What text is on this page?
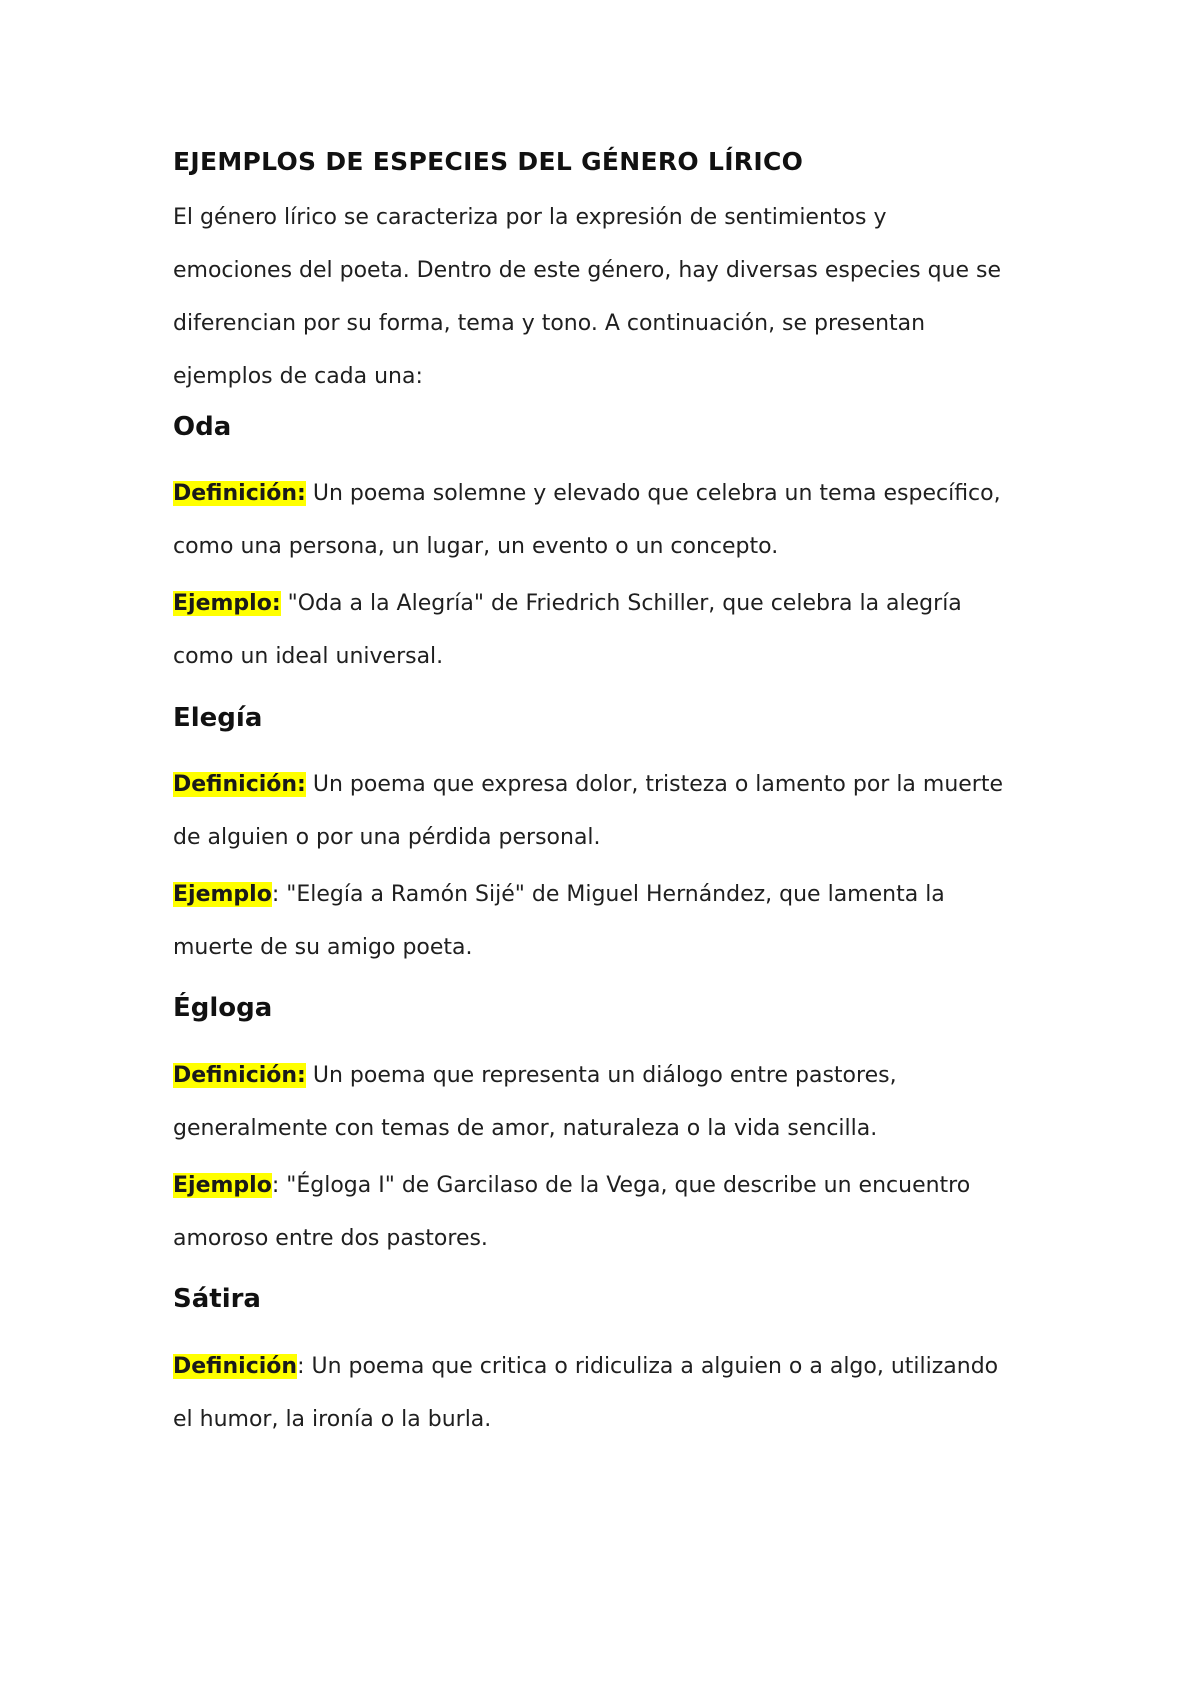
EJEMPLOS DE ESPECIES DEL GÉNERO LÍRICO

El género lírico se caracteriza por la expresión de sentimientos y
emociones del poeta. Dentro de este género, hay diversas especies que se
diferencian por su forma, tema y tono. A continuación, se presentan
ejemplos de cada una:

Oda

Definición: Un poema solemne y elevado que celebra un tema específico,
como una persona, un lugar, un evento o un concepto.

Ejemplo: "Oda a la Alegría" de Friedrich Schiller, que celebra la alegría
como un ideal universal.

Elegía

Definición: Un poema que expresa dolor, tristeza o lamento por la muerte
de alguien o por una pérdida personal.

Ejemplo: "Elegía a Ramón Sijé" de Miguel Hernández, que lamenta la
muerte de su amigo poeta.

Égloga

Definición: Un poema que representa un diálogo entre pastores,
generalmente con temas de amor, naturaleza o la vida sencilla.

Ejemplo: "Égloga I" de Garcilaso de la Vega, que describe un encuentro
amoroso entre dos pastores.

Sátira

Definición: Un poema que critica o ridiculiza a alguien o a algo, utilizando
el humor, la ironía o la burla.
